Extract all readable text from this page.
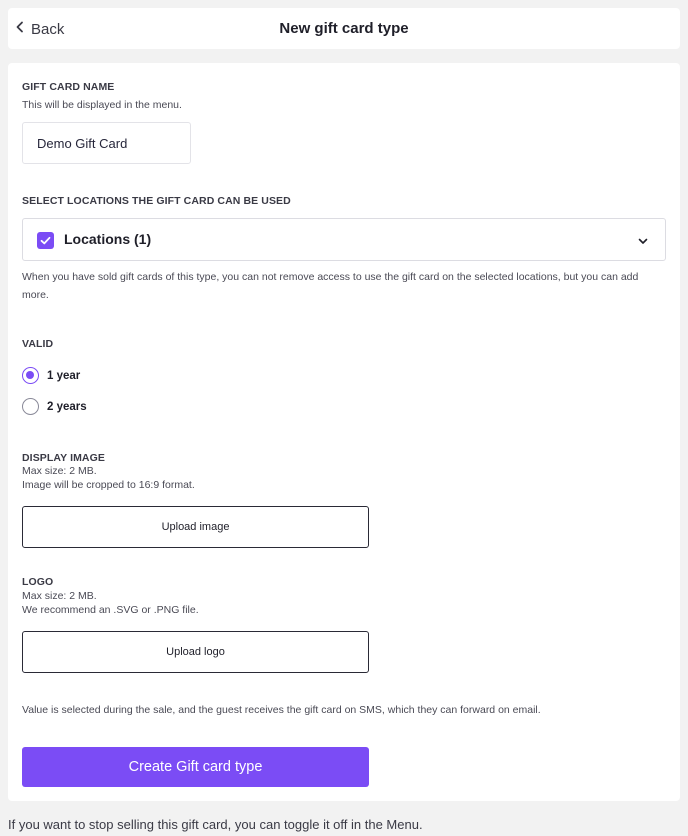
Back	New gift card type
GIFT CARD NAME
This will be displayed in the menu.
Demo Gift Card
SELECT LOCATIONS THE GIFT CARD CAN BE USED
Locations (1)
When you have sold gift cards of this type, you can not remove access to use the gift card on the selected locations, but you can add more.
VALID
1 year
2 years
DISPLAY IMAGE
Max size: 2 MB.
Image will be cropped to 16:9 format.
Upload image
LOGO
Max size: 2 MB.
We recommend an .SVG or .PNG file.
Upload logo
Value is selected during the sale, and the guest receives the gift card on SMS, which they can forward on email.
Create Gift card type
If you want to stop selling this gift card, you can toggle it off in the Menu.
